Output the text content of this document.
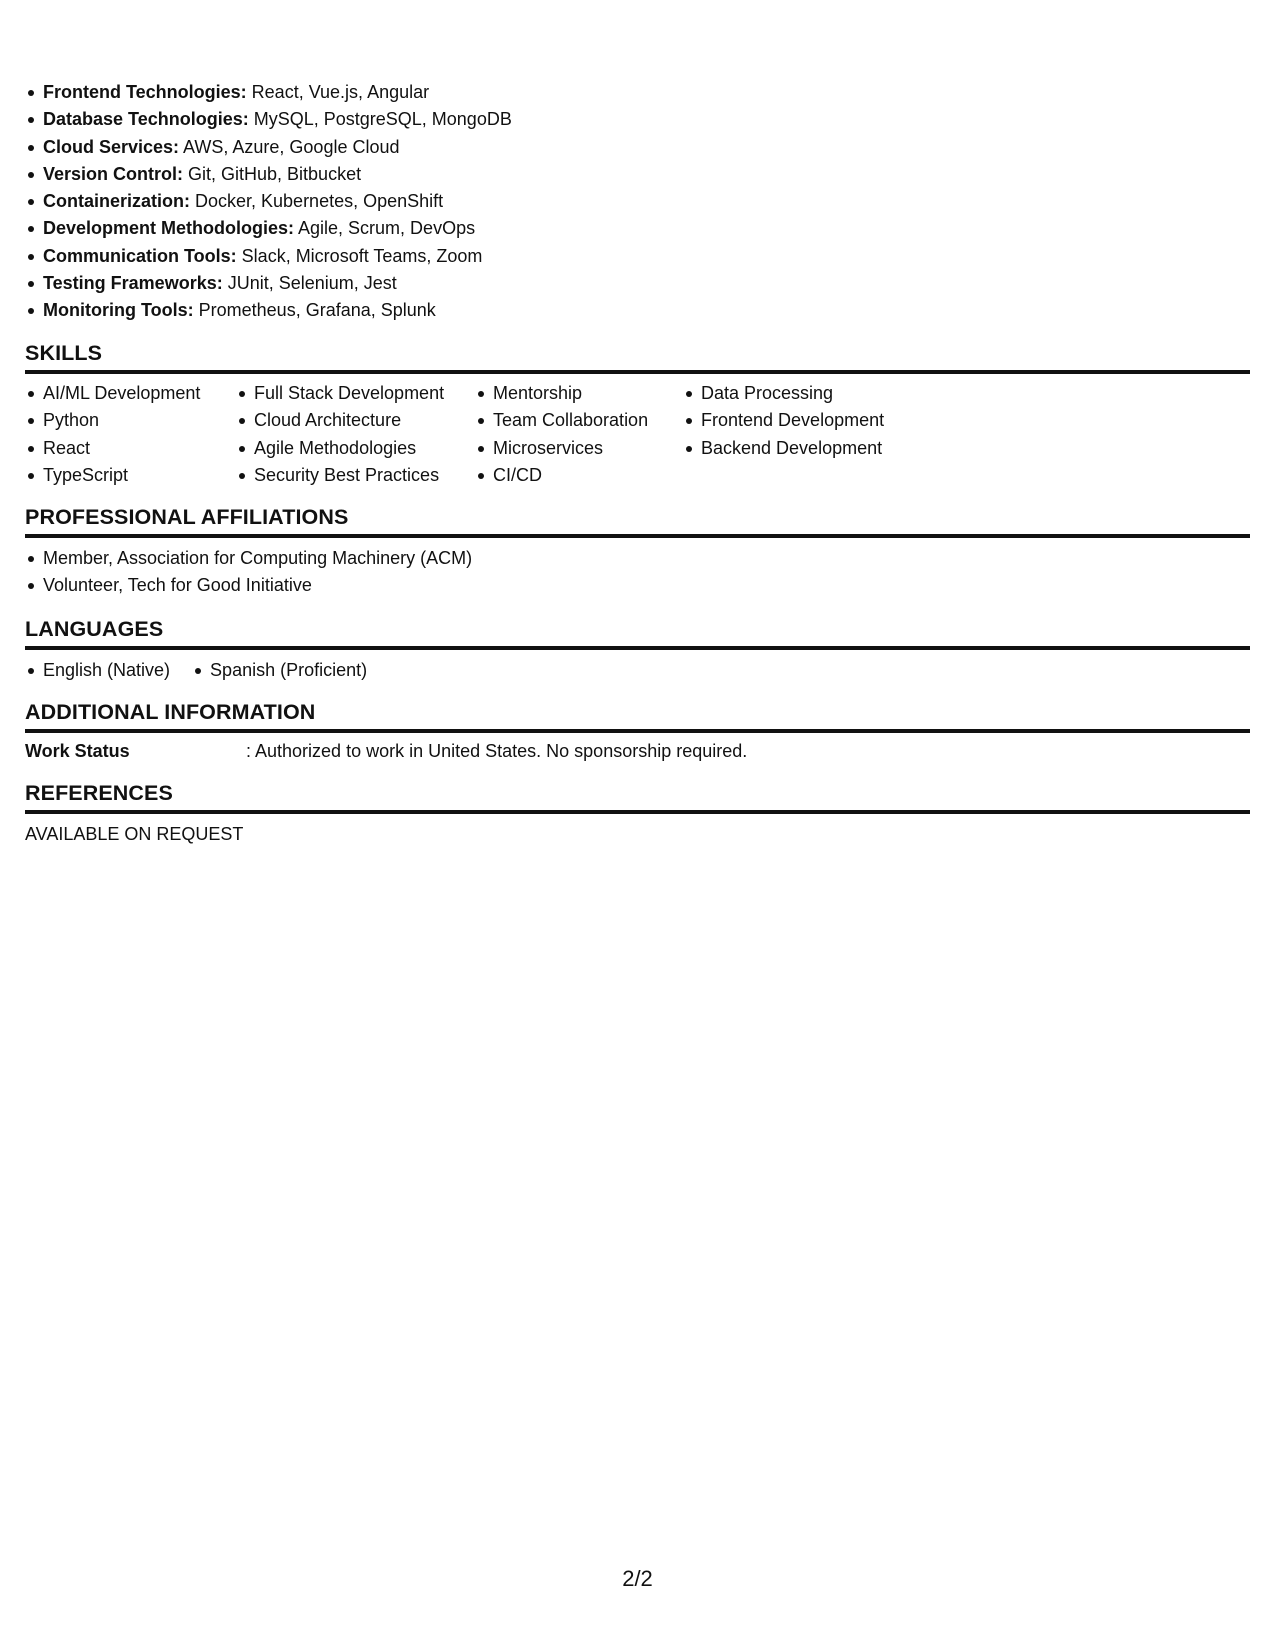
Frontend Technologies: React, Vue.js, Angular
Database Technologies: MySQL, PostgreSQL, MongoDB
Cloud Services: AWS, Azure, Google Cloud
Version Control: Git, GitHub, Bitbucket
Containerization: Docker, Kubernetes, OpenShift
Development Methodologies: Agile, Scrum, DevOps
Communication Tools: Slack, Microsoft Teams, Zoom
Testing Frameworks: JUnit, Selenium, Jest
Monitoring Tools: Prometheus, Grafana, Splunk
SKILLS
AI/ML Development
Python
React
TypeScript
Full Stack Development
Cloud Architecture
Agile Methodologies
Security Best Practices
Mentorship
Team Collaboration
Microservices
CI/CD
Data Processing
Frontend Development
Backend Development
PROFESSIONAL AFFILIATIONS
Member, Association for Computing Machinery (ACM)
Volunteer, Tech for Good Initiative
LANGUAGES
English (Native)	Spanish (Proficient)
ADDITIONAL INFORMATION
Work Status	: Authorized to work in United States. No sponsorship required.
REFERENCES
AVAILABLE ON REQUEST
2/2
